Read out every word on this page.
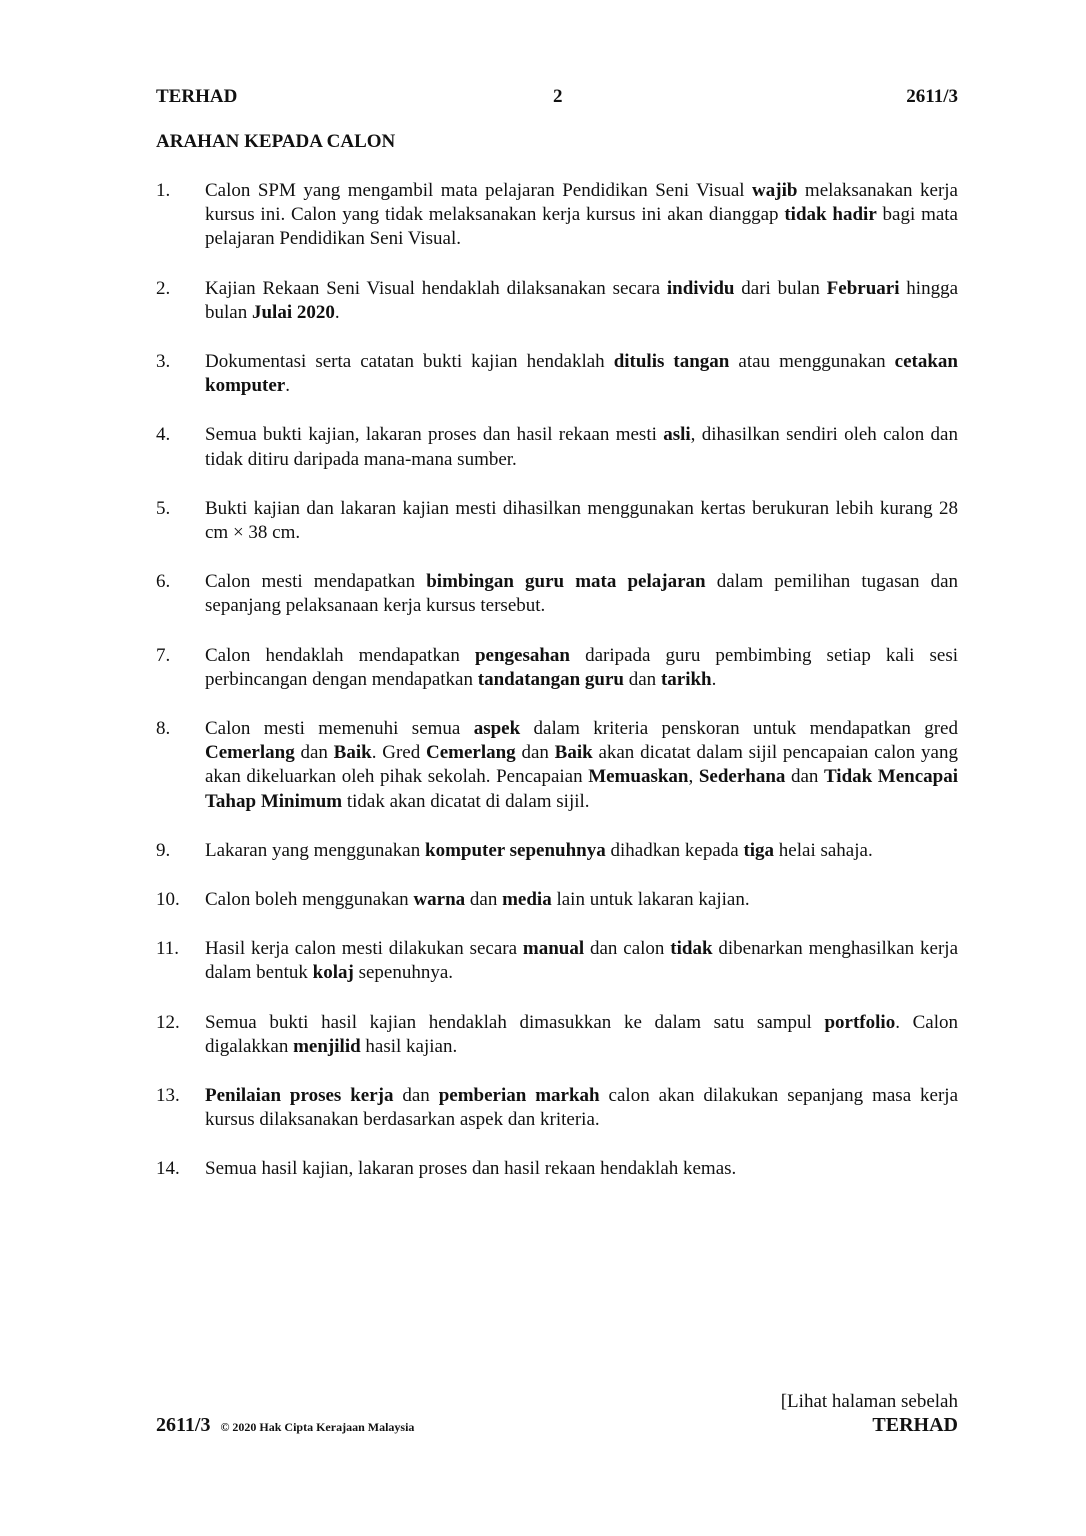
TERHAD	2	2611/3
ARAHAN KEPADA CALON
1. Calon SPM yang mengambil mata pelajaran Pendidikan Seni Visual wajib melaksanakan kerja kursus ini. Calon yang tidak melaksanakan kerja kursus ini akan dianggap tidak hadir bagi mata pelajaran Pendidikan Seni Visual.
2. Kajian Rekaan Seni Visual hendaklah dilaksanakan secara individu dari bulan Februari hingga bulan Julai 2020.
3. Dokumentasi serta catatan bukti kajian hendaklah ditulis tangan atau menggunakan cetakan komputer.
4. Semua bukti kajian, lakaran proses dan hasil rekaan mesti asli, dihasilkan sendiri oleh calon dan tidak ditiru daripada mana-mana sumber.
5. Bukti kajian dan lakaran kajian mesti dihasilkan menggunakan kertas berukuran lebih kurang 28 cm × 38 cm.
6. Calon mesti mendapatkan bimbingan guru mata pelajaran dalam pemilihan tugasan dan sepanjang pelaksanaan kerja kursus tersebut.
7. Calon hendaklah mendapatkan pengesahan daripada guru pembimbing setiap kali sesi perbincangan dengan mendapatkan tandatangan guru dan tarikh.
8. Calon mesti memenuhi semua aspek dalam kriteria penskoran untuk mendapatkan gred Cemerlang dan Baik. Gred Cemerlang dan Baik akan dicatat dalam sijil pencapaian calon yang akan dikeluarkan oleh pihak sekolah. Pencapaian Memuaskan, Sederhana dan Tidak Mencapai Tahap Minimum tidak akan dicatat di dalam sijil.
9. Lakaran yang menggunakan komputer sepenuhnya dihadkan kepada tiga helai sahaja.
10. Calon boleh menggunakan warna dan media lain untuk lakaran kajian.
11. Hasil kerja calon mesti dilakukan secara manual dan calon tidak dibenarkan menghasilkan kerja dalam bentuk kolaj sepenuhnya.
12. Semua bukti hasil kajian hendaklah dimasukkan ke dalam satu sampul portfolio. Calon digalakkan menjilid hasil kajian.
13. Penilaian proses kerja dan pemberian markah calon akan dilakukan sepanjang masa kerja kursus dilaksanakan berdasarkan aspek dan kriteria.
14. Semua hasil kajian, lakaran proses dan hasil rekaan hendaklah kemas.
[Lihat halaman sebelah
2611/3 © 2020 Hak Cipta Kerajaan Malaysia	TERHAD
